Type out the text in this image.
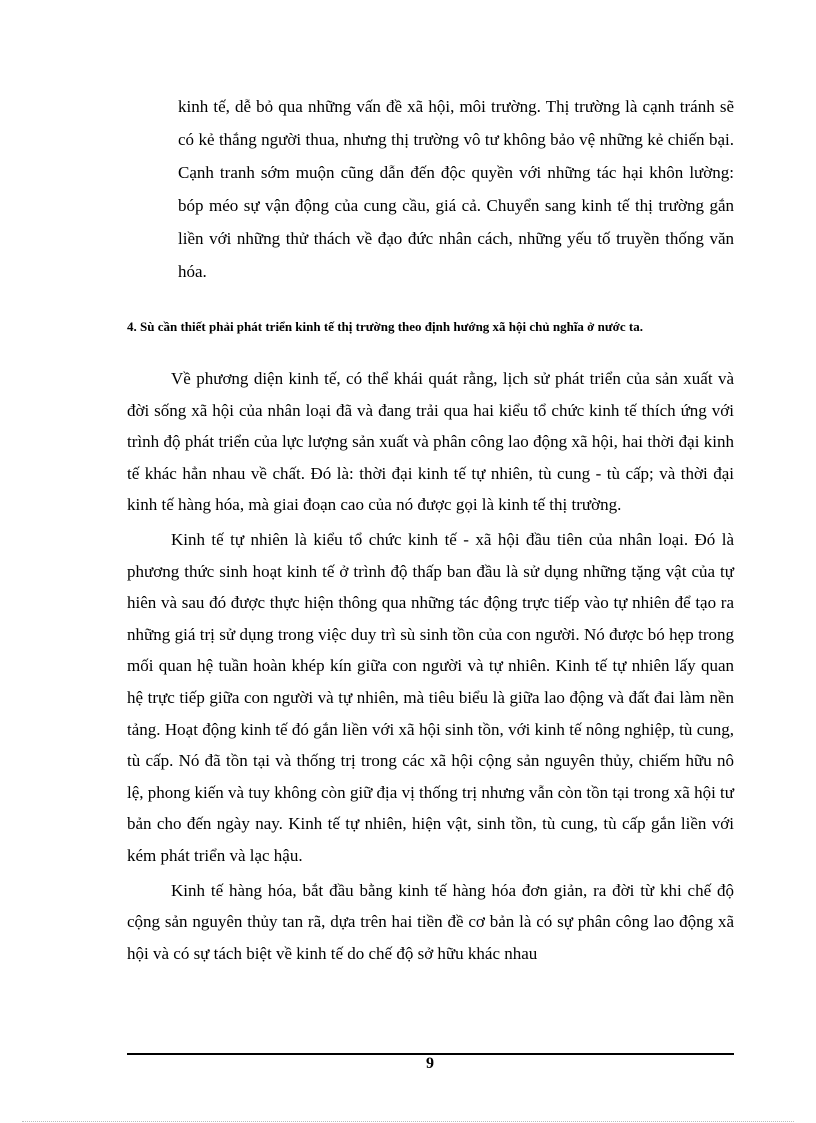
kinh tế, dễ bỏ qua những vấn đề xã hội, môi trường. Thị trường là cạnh tránh sẽ có kẻ thắng người thua, nhưng thị trường vô tư không bảo vệ những kẻ chiến bại. Cạnh tranh sớm muộn cũng dẫn đến độc quyền với những tác hại khôn lường: bóp méo sự vận động của cung cầu, giá cả. Chuyển sang kinh tế thị trường gắn liền với những thử thách về đạo đức nhân cách, những yếu tố truyền thống văn hóa.

4. Sù cần thiết phải phát triển kinh tế thị trường theo định hướng xã hội chủ nghĩa ở nước ta.

Về phương diện kinh tế, có thể khái quát rằng, lịch sử phát triển của sản xuất và đời sống xã hội của nhân loại đã và đang trải qua hai kiểu tổ chức kinh tế thích ứng với trình độ phát triển của lực lượng sản xuất và phân công lao động xã hội, hai thời đại kinh tế khác hẳn nhau về chất. Đó là: thời đại kinh tế tự nhiên, tù cung - tù cấp; và thời đại kinh tế hàng hóa, mà giai đoạn cao của nó được gọi là kinh tế thị trường.

Kinh tế tự nhiên là kiểu tổ chức kinh tế - xã hội đầu tiên của nhân loại. Đó là phương thức sinh hoạt kinh tế ở trình độ thấp ban đầu là sử dụng những tặng vật của tự hiên và sau đó được thực hiện thông qua những tác động trực tiếp vào tự nhiên để tạo ra những giá trị sử dụng trong việc duy trì sù sinh tồn của con người. Nó được bó hẹp trong mối quan hệ tuần hoàn khép kín giữa con người và tự nhiên. Kinh tế tự nhiên lấy quan hệ trực tiếp giữa con người và tự nhiên, mà tiêu biểu là giữa lao động và đất đai làm nền tảng. Hoạt động kinh tế đó gắn liền với xã hội sinh tồn, với kinh tế nông nghiệp, tù cung, tù cấp. Nó đã tồn tại và thống trị trong các xã hội cộng sản nguyên thủy, chiếm hữu nô lệ, phong kiến và tuy không còn giữ địa vị thống trị nhưng vẫn còn tồn tại trong xã hội tư bản cho đến ngày nay. Kinh tế tự nhiên, hiện vật, sinh tồn, tù cung, tù cấp gắn liền với kém phát triển và lạc hậu.

Kinh tế hàng hóa, bắt đầu bằng kinh tế hàng hóa đơn giản, ra đời từ khi chế độ cộng sản nguyên thủy tan rã, dựa trên hai tiền đề cơ bản là có sự phân công lao động xã hội và có sự tách biệt về kinh tế do chế độ sở hữu khác nhau

9
